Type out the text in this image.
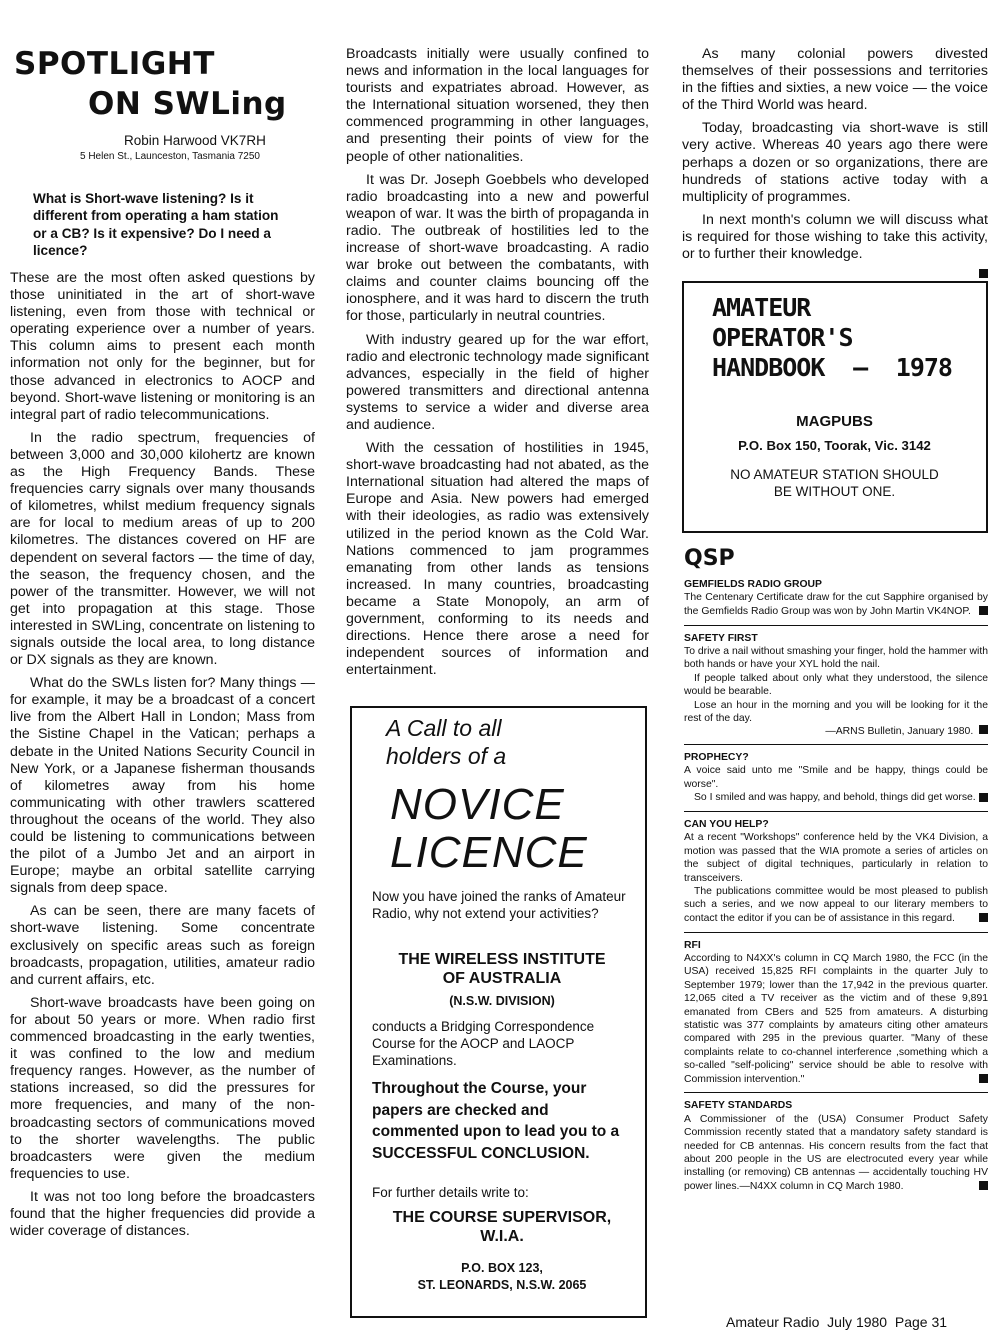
SPOTLIGHT
ON SWLing
Robin Harwood VK7RH
5 Helen St., Launceston, Tasmania 7250
What is Short-wave listening? Is it different from operating a ham station or a CB? Is it expensive? Do I need a licence?

These are the most often asked questions by those uninitiated in the art of short-wave listening, even from those with technical or operating experience over a number of years. This column aims to present each month information not only for the beginner, but for those advanced in electronics to AOCP and beyond. Short-wave listening or monitoring is an integral part of radio telecommunications.

In the radio spectrum, frequencies of between 3,000 and 30,000 kilohertz are known as the High Frequency Bands. These frequencies carry signals over many thousands of kilometres, whilst medium frequency signals are for local to medium areas of up to 200 kilometres. The distances covered on HF are dependent on several factors — the time of day, the season, the frequency chosen, and the power of the transmitter. However, we will not get into propagation at this stage. Those interested in SWLing, concentrate on listening to signals outside the local area, to long distance or DX signals as they are known.

What do the SWLs listen for? Many things — for example, it may be a broadcast of a concert live from the Albert Hall in London; Mass from the Sistine Chapel in the Vatican; perhaps a debate in the United Nations Security Council in New York, or a Japanese fisherman thousands of kilometres away from his home communicating with other trawlers scattered throughout the oceans of the world. They also could be listening to communications between the pilot of a Jumbo Jet and an airport in Europe; maybe an orbital satellite carrying signals from deep space.

As can be seen, there are many facets of short-wave listening. Some concentrate exclusively on specific areas such as foreign broadcasts, propagation, utilities, amateur radio and current affairs, etc.

Short-wave broadcasts have been going on for about 50 years or more. When radio first commenced broadcasting in the early twenties, it was confined to the low and medium frequency ranges. However, as the number of stations increased, so did the pressures for more frequencies, and many of the non-broadcasting sectors of communications moved to the shorter wavelengths. The public broadcasters were given the medium frequencies to use.

It was not too long before the broadcasters found that the higher frequencies did provide a wider coverage of distances.

Broadcasts initially were usually confined to news and information in the local languages for tourists and expatriates abroad. However, as the International situation worsened, they then commenced programming in other languages, and presenting their points of view for the people of other nationalities.

It was Dr. Joseph Goebbels who developed radio broadcasting into a new and powerful weapon of war. It was the birth of propaganda in radio. The outbreak of hostilities led to the increase of short-wave broadcasting. A radio war broke out between the combatants, with claims and counter claims bouncing off the ionosphere, and it was hard to discern the truth for those, particularly in neutral countries.

With industry geared up for the war effort, radio and electronic technology made significant advances, especially in the field of higher powered transmitters and directional antenna systems to service a wider and diverse area and audience.

With the cessation of hostilities in 1945, short-wave broadcasting had not abated, as the International situation had altered the maps of Europe and Asia. New powers had emerged with their ideologies, as radio was extensively utilized in the period known as the Cold War. Nations commenced to jam programmes emanating from other lands as tensions increased. In many countries, broadcasting became a State Monopoly, an arm of government, conforming to its needs and directions. Hence there arose a need for independent sources of information and entertainment.

As many colonial powers divested themselves of their possessions and territories in the fifties and sixties, a new voice — the voice of the Third World was heard.

Today, broadcasting via short-wave is still very active. Whereas 40 years ago there were perhaps a dozen or so organizations, there are hundreds of stations active today with a multiplicity of programmes.

In next month's column we will discuss what is required for those wishing to take this activity, or to further their knowledge.

A Call to all
holders of a
NOVICE
LICENCE
Now you have joined the ranks of Amateur Radio, why not extend your activities?
THE WIRELESS INSTITUTE
OF AUSTRALIA
(N.S.W. DIVISION)
conducts a Bridging Correspondence Course for the AOCP and LAOCP Examinations.
Throughout the Course, your papers are checked and commented upon to lead you to a SUCCESSFUL CONCLUSION.
For further details write to:
THE COURSE SUPERVISOR,
W.I.A.
P.O. BOX 123,
ST. LEONARDS, N.S.W. 2065
AMATEUR OPERATOR'S
HANDBOOK — 1978
MAGPUBS
P.O. Box 150, Toorak, Vic. 3142
NO AMATEUR STATION SHOULD
BE WITHOUT ONE.
QSP
GEMFIELDS RADIO GROUP

The Centenary Certificate draw for the cut Sapphire organised by the Gemfields Radio Group was won by John Martin VK4NOP.

SAFETY FIRST

To drive a nail without smashing your finger, hold the hammer with both hands or have your XYL hold the nail.

If people talked about only what they understood, the silence would be bearable.

Lose an hour in the morning and you will be looking for it the rest of the day.

—ARNS Bulletin, January 1980.

PROPHECY?

A voice said unto me "Smile and be happy, things could be worse".

So I smiled and was happy, and behold, things did get worse.

CAN YOU HELP?

At a recent "Workshops" conference held by the VK4 Division, a motion was passed that the WIA promote a series of articles on the subject of digital techniques, particularly in relation to transceivers.

The publications committee would be most pleased to publish such a series, and we now appeal to our literary members to contact the editor if you can be of assistance in this regard.

RFI

According to N4XX's column in CQ March 1980, the FCC (in the USA) received 15,825 RFI complaints in the quarter July to September 1979; lower than the 17,942 in the previous quarter. 12,065 cited a TV receiver as the victim and of these 9,891 emanated from CBers and 525 from amateurs. A disturbing statistic was 377 complaints by amateurs citing other amateurs compared with 295 in the previous quarter. "Many of these complaints relate to co-channel interference ,something which a so-called "self-policing" service should be able to resolve with Commission intervention."

SAFETY STANDARDS

A Commissioner of the (USA) Consumer Product Safety Commission recently stated that a mandatory safety standard is needed for CB antennas. His concern results from the fact that about 200 people in the US are electrocuted every year while installing (or removing) CB antennas — accidentally touching HV power lines.—N4XX column in CQ March 1980.

Amateur Radio  July 1980  Page 31
